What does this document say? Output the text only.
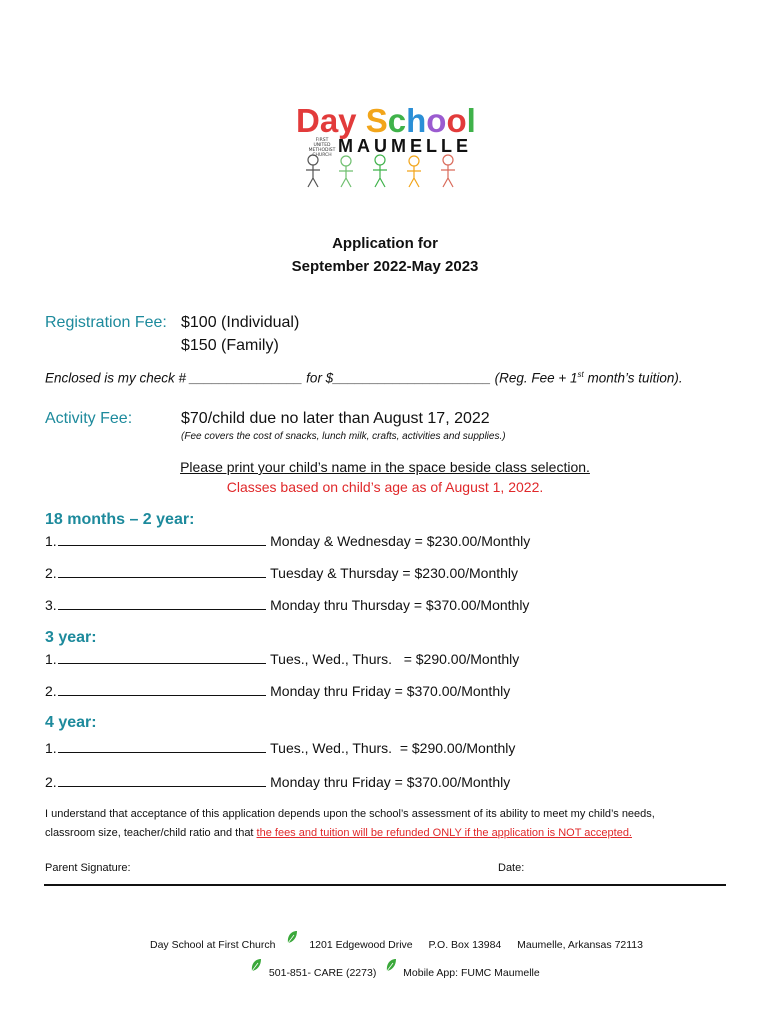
Day School
FIRST
UNITED
METHODIST
CHURCH MAUMELLE
Application for
September 2022-May 2023
Registration Fee: $100 (Individual)
$150 (Family)
Enclosed is my check # _______________ for $_____________________ (Reg. Fee + 1st month’s tuition).
Activity Fee:	$70/child due no later than August 17, 2022
(Fee covers the cost of snacks, lunch milk, crafts, activities and supplies.)
Please print your child’s name in the space beside class selection.
Classes based on child’s age as of August 1, 2022.
18 months – 2 year:
1.	Monday & Wednesday = $230.00/Monthly
2.	Tuesday & Thursday = $230.00/Monthly
3.	Monday thru Thursday = $370.00/Monthly
3 year:
1.	Tues., Wed., Thurs.   = $290.00/Monthly
2.	Monday thru Friday = $370.00/Monthly
4 year:
1.	Tues., Wed., Thurs.  = $290.00/Monthly
2.	Monday thru Friday = $370.00/Monthly
I understand that acceptance of this application depends upon the school’s assessment of its ability to meet my child’s needs,
classroom size, teacher/child ratio and that the fees and tuition will be refunded ONLY if the application is NOT accepted.
Parent Signature:	Date:
Day School at First Church	1201 Edgewood Drive P.O. Box 13984 Maumelle, Arkansas 72113
501-851- CARE (2273)	Mobile App: FUMC Maumelle
